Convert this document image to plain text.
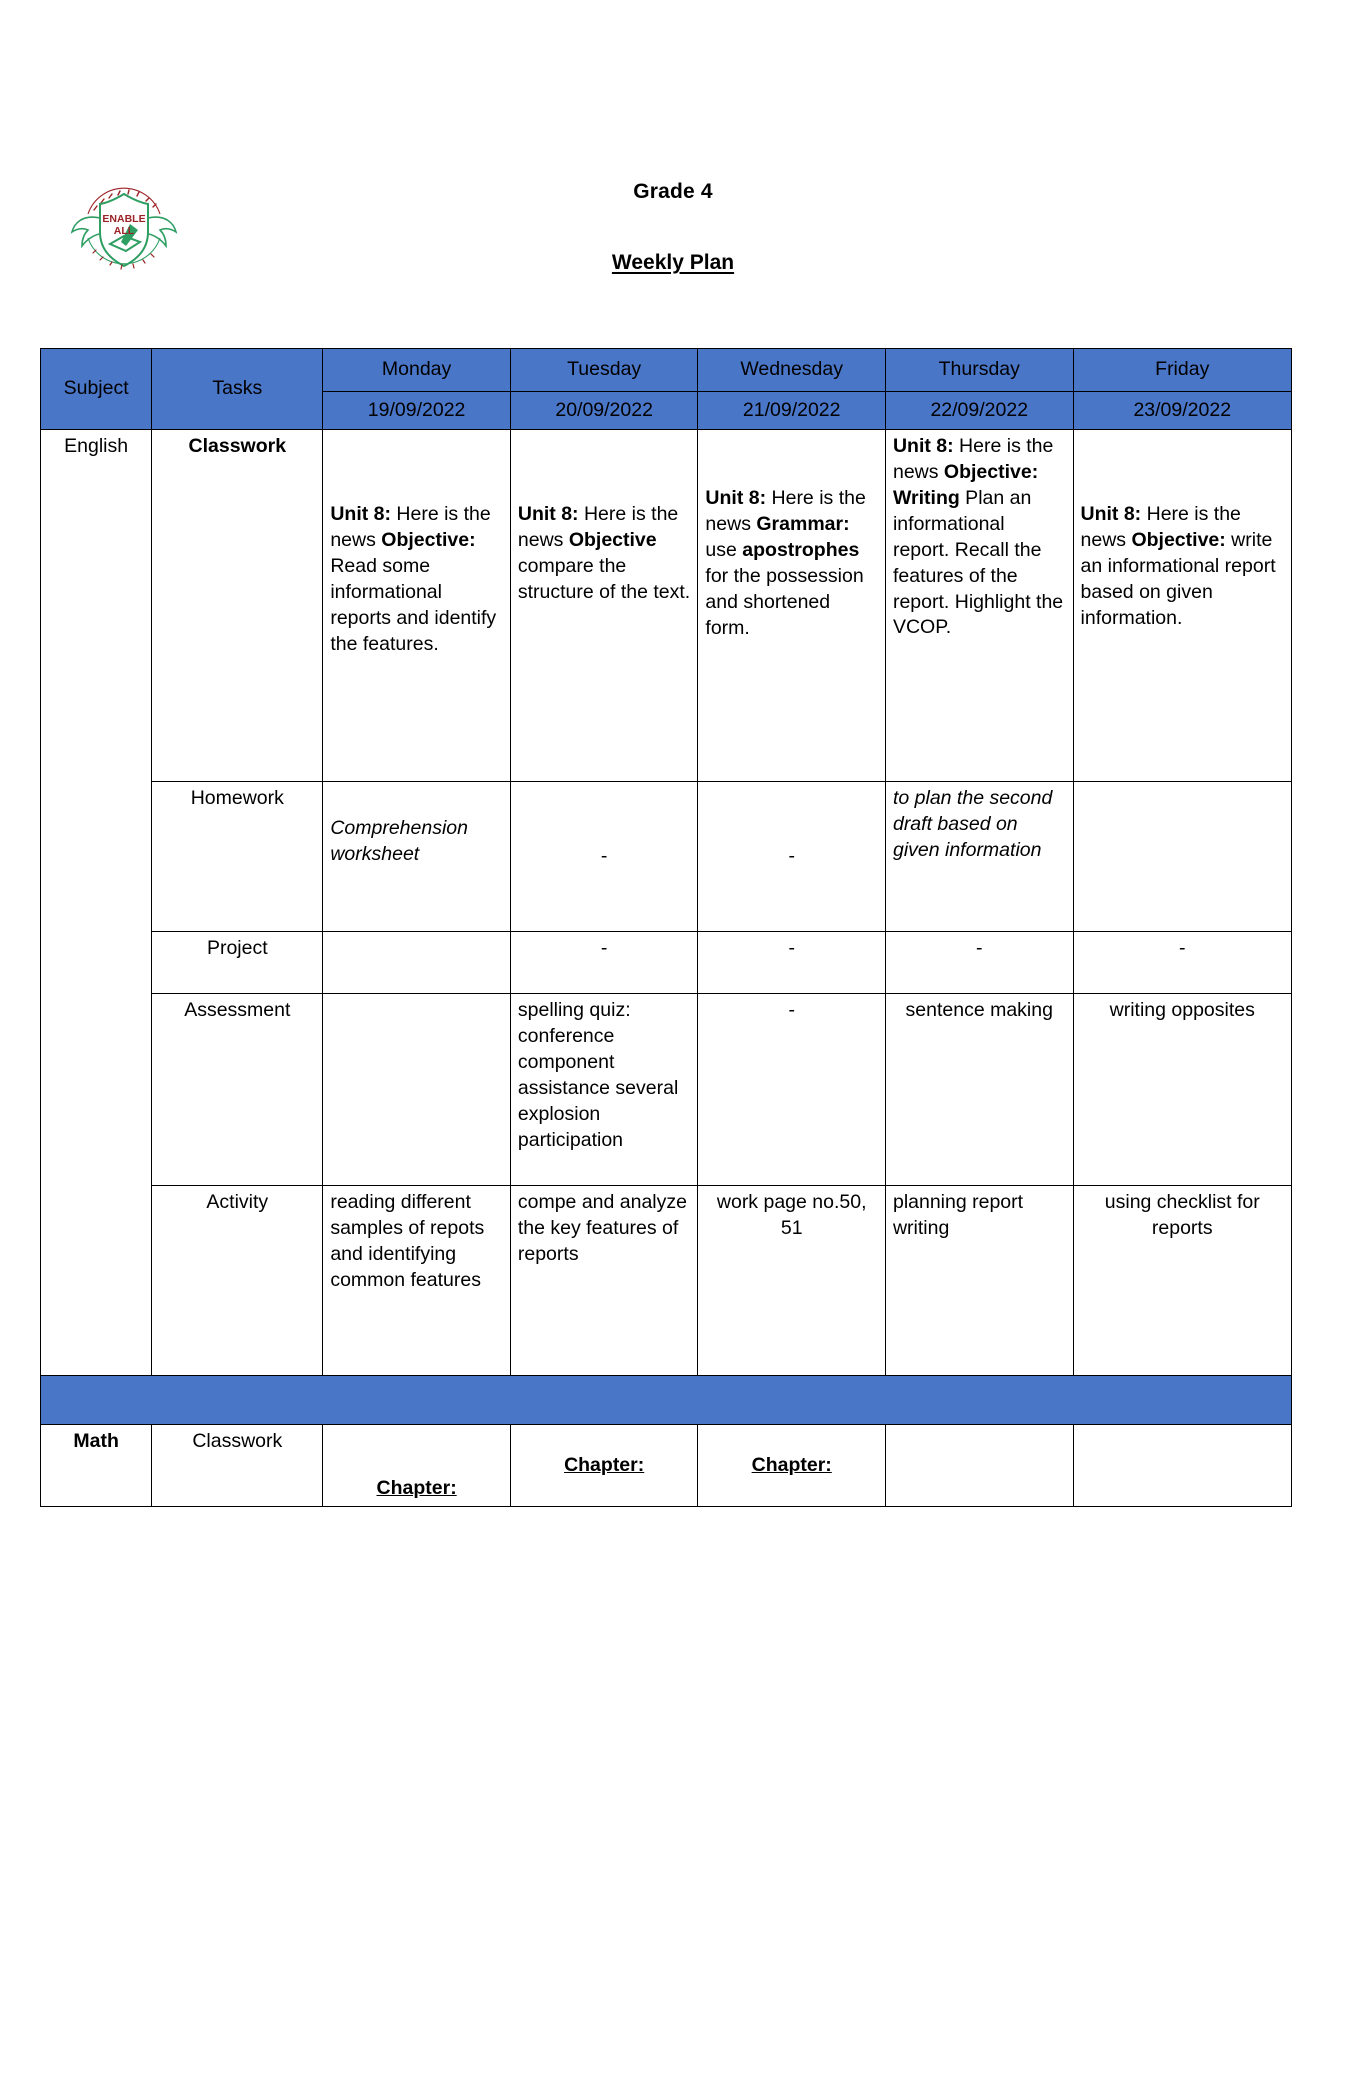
ENABLE
ALL
Grade 4
Weekly Plan
Subject	Tasks	Monday	Tuesday	Wednesday	Thursday	Friday
		19/09/2022	20/09/2022	21/09/2022	22/09/2022	23/09/2022
English	Classwork	Unit 8: Here is the news Objective: Read some informational reports and identify the features.	Unit 8: Here is the news Objective compare the structure of the text.	Unit 8: Here is the news Grammar: use apostrophes for the possession and shortened form.	Unit 8: Here is the news Objective: Writing Plan an informational report. Recall the features of the report. Highlight the VCOP.	Unit 8: Here is the news Objective: write an informational report based on given information.
	Homework	Comprehension worksheet	-	-	to plan the second draft based on given information	
	Project		-	-	-	-
	Assessment		spelling quiz: conference component assistance several explosion participation	-	sentence making	writing opposites
	Activity	reading different samples of repots and identifying common features	compe and analyze the key features of reports	work page no.50, 51	planning report writing	using checklist for reports

Math	Classwork	Chapter:	Chapter:	Chapter:		
